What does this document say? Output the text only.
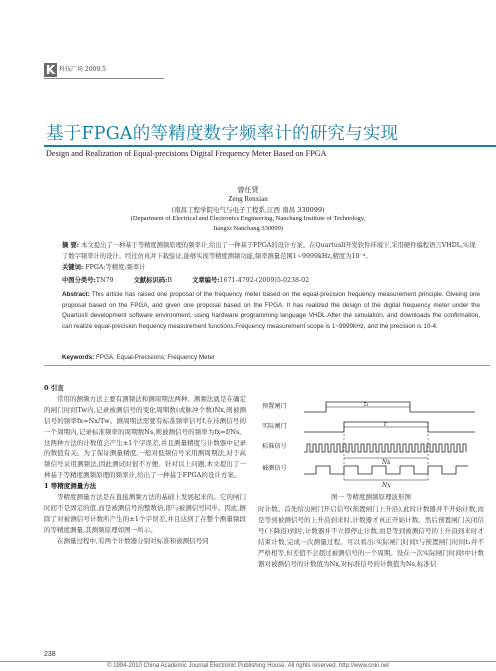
K 科技广场 2009.5
基于FPGA的等精度数字频率计的研究与实现
Design and Realization of Equal-precisions Digital Frequency Meter Based on FPGA
曾任贤
Zeng Renxian
(南昌工程学院电气与电子工程系,江西 南昌 330099)
(Department of Electrical and Electronics Engineering, Nanchang Institute of Technology,
Jiangxi Nanchang 330099)
摘 要: 本文提出了一种基于等精度测频原理的频率计,给出了一种基于FPGA的设计方案。在Quartusll开发软件环境下,采用硬件编程语言VHDL,实现了数字频率计的设计。经过仿真并下载验证,能够实现等精度测频功能,频率测量范围1~9999kHz,精度为10⁻⁴。
关键词: FPGA;等精度;频率计
中图分类号:TN79	文献标识码:B	文章编号:1671-4792-(2009)5-0238-02
Abstract: This article has raised one proposal of the frequency meter based on the equal-precision frequency measurement principle. Giveing one proposal based on the FPGA, and given one proposal based on the FPGA. It has realized the design of the digital frequency meter under the QuartusII development software environment, using hardware programming language VHDL.After the simulation, and downloads the confirmation, can realize equal-precision frequency measurement functions.Frequency measurement scope is 1~9999kHz, and the precision is 10-4.
Keywords: FPGA; Equal-Precisions; Frequency Meter
0 引言
常用的测频方法主要有测频法和测周期法两种。测频法就是在确定的闸门时间Tw内,记录被测信号的变化周期数(或脉冲个数)Nx,则被测信号的频率fx=Nx/Tw。测周期法需要有标准频率信号f,在待测信号的一个周期内,记录标准频率的周期数Ns,则被测信号的频率为fx=f/Ns。这两种方法的计数值会产生±1个字误差,并且测量精度与计数器中记录的数值有关。为了保证测量精度,一般对低频信号采用测周期法,对于高频信号采用测频法,因此测试时很不方便。针对以上问题,本文提出了一种基于等精度测频原理的频率计,给出了一种基于FPGA的设计方案。
1 等精度测量方法
等精度测量方法是在直接测频方法的基础上发展起来的。它的闸门时间不是固定的值,而是被测信号的整数倍,即与被测信号同步。因此,摒除了对被测信号计数所产生的±1个字误差,并且达到了在整个测量频段的等精度测量,其测频原理如图一所示。
在测量过程中,有两个计数器分别对标准和被测信号同
预置闸门
实际闸门
标准信号
被测信号
t₁
t
Ns
Nx
图一 等精度测频原理波形图
时计数。首先给出闸门开启信号(预置闸门上升沿),此时计数器并不开始计数,而是等到被测信号的上升沿到来时,计数器才真正开始计数。然后预置闸门关闭信号(下降沿)到时,计数器并不立即停止计数,而是等到被测信号的上升沿到来时才结束计数,完成一次测量过程。可以看出:实际闸门时间t与预置闸门时间t₁并不严格相等,但差值不会超过被测信号的一个周期。设在一次实际闸门时间t中计数器对被测信号的计数值为Nx,对标准信号的计数值为Ns,标准信
238
© 1994-2010 China Academic Journal Electronic Publishing House. All rights reserved. http://www.cnki.net
